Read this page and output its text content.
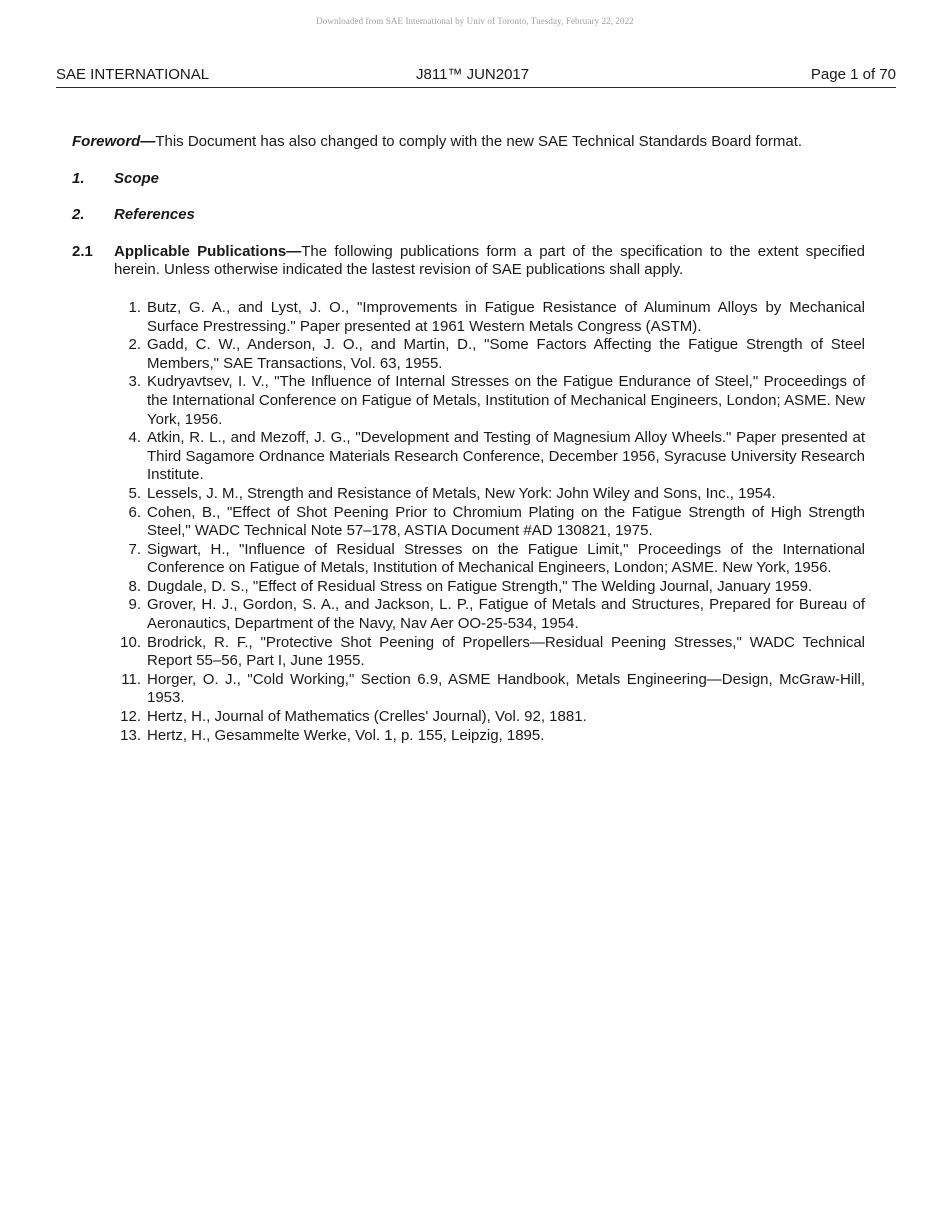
Downloaded from SAE International by Univ of Toronto, Tuesday, February 22, 2022
SAE INTERNATIONAL	J811™ JUN2017	Page 1 of 70

Foreword—This Document has also changed to comply with the new SAE Technical Standards Board format.

1.	Scope
2.	References
2.1	Applicable Publications—The following publications form a part of the specification to the extent specified herein. Unless otherwise indicated the lastest revision of SAE publications shall apply.
1. Butz, G. A., and Lyst, J. O., "Improvements in Fatigue Resistance of Aluminum Alloys by Mechanical Surface Prestressing." Paper presented at 1961 Western Metals Congress (ASTM).
2. Gadd, C. W., Anderson, J. O., and Martin, D., "Some Factors Affecting the Fatigue Strength of Steel Members," SAE Transactions, Vol. 63, 1955.
3. Kudryavtsev, I. V., "The Influence of Internal Stresses on the Fatigue Endurance of Steel," Proceedings of the International Conference on Fatigue of Metals, Institution of Mechanical Engineers, London; ASME. New York, 1956.
4. Atkin, R. L., and Mezoff, J. G., "Development and Testing of Magnesium Alloy Wheels." Paper presented at Third Sagamore Ordnance Materials Research Conference, December 1956, Syracuse University Research Institute.
5. Lessels, J. M., Strength and Resistance of Metals, New York: John Wiley and Sons, Inc., 1954.
6. Cohen, B., "Effect of Shot Peening Prior to Chromium Plating on the Fatigue Strength of High Strength Steel," WADC Technical Note 57–178, ASTIA Document #AD 130821, 1975.
7. Sigwart, H., "Influence of Residual Stresses on the Fatigue Limit," Proceedings of the International Conference on Fatigue of Metals, Institution of Mechanical Engineers, London; ASME. New York, 1956.
8. Dugdale, D. S., "Effect of Residual Stress on Fatigue Strength," The Welding Journal, January 1959.
9. Grover, H. J., Gordon, S. A., and Jackson, L. P., Fatigue of Metals and Structures, Prepared for Bureau of Aeronautics, Department of the Navy, Nav Aer OO-25-534, 1954.
10. Brodrick, R. F., "Protective Shot Peening of Propellers—Residual Peening Stresses," WADC Technical Report 55–56, Part I, June 1955.
11. Horger, O. J., "Cold Working," Section 6.9, ASME Handbook, Metals Engineering—Design, McGraw-Hill, 1953.
12. Hertz, H., Journal of Mathematics (Crelles' Journal), Vol. 92, 1881.
13. Hertz, H., Gesammelte Werke, Vol. 1, p. 155, Leipzig, 1895.
